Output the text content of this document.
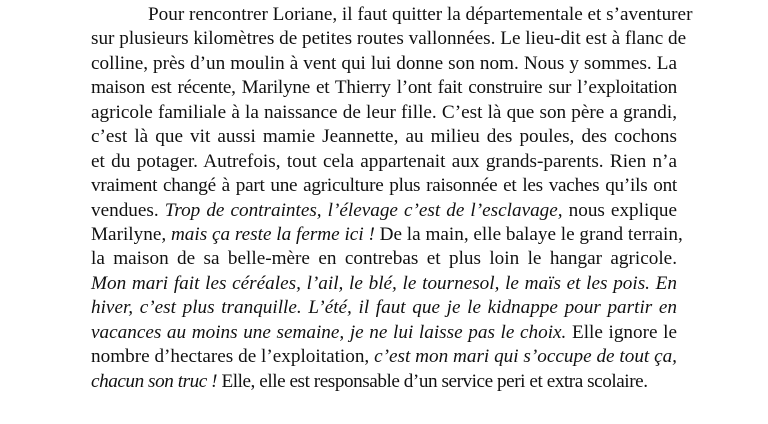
Pour rencontrer Loriane, il faut quitter la départementale et s’aventurer
sur plusieurs kilomètres de petites routes vallonnées. Le lieu-dit est à flanc de
colline, près d’un moulin à vent qui lui donne son nom. Nous y sommes. La
maison est récente, Marilyne et Thierry l’ont fait construire sur l’exploitation
agricole familiale à la naissance de leur fille. C’est là que son père a grandi,
c’est là que vit aussi mamie Jeannette, au milieu des poules, des cochons
et du potager. Autrefois, tout cela appartenait aux grands-parents. Rien n’a
vraiment changé à part une agriculture plus raisonnée et les vaches qu’ils ont
vendues. Trop de contraintes, l’élevage c’est de l’esclavage, nous explique
Marilyne, mais ça reste la ferme ici ! De la main, elle balaye le grand terrain,
la maison de sa belle-mère en contrebas et plus loin le hangar agricole.
Mon mari fait les céréales, l’ail, le blé, le tournesol, le maïs et les pois. En
hiver, c’est plus tranquille. L’été, il faut que je le kidnappe pour partir en
vacances au moins une semaine, je ne lui laisse pas le choix. Elle ignore le
nombre d’hectares de l’exploitation, c’est mon mari qui s’occupe de tout ça,
chacun son truc ! Elle, elle est responsable d’un service peri et extra scolaire.
